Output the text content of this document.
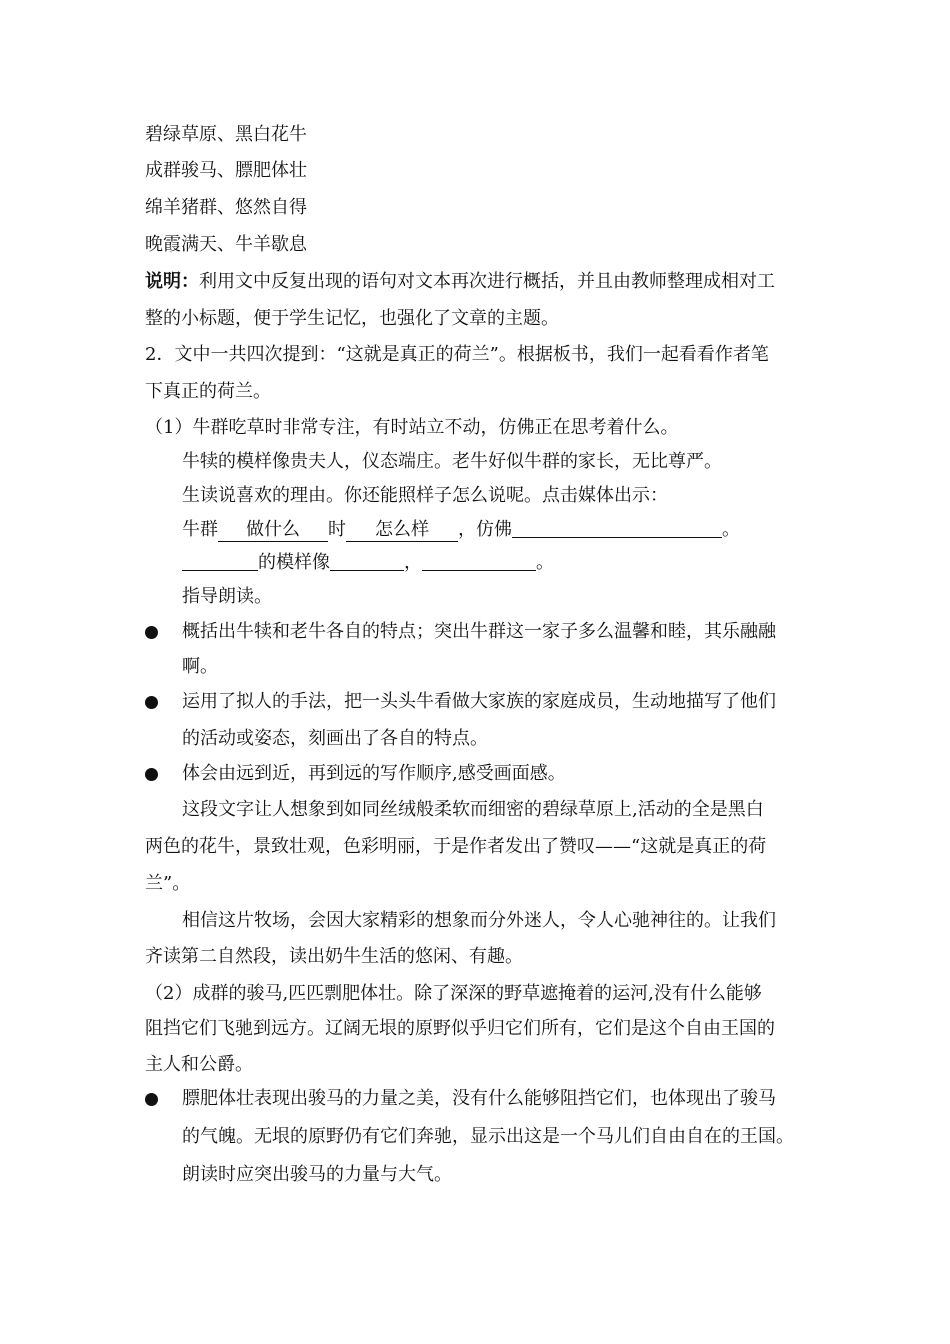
碧绿草原、黑白花牛
成群骏马、膘肥体壮
绵羊猪群、悠然自得
晚霞满天、牛羊歇息
说明：利用文中反复出现的语句对文本再次进行概括，并且由教师整理成相对工
整的小标题，便于学生记忆，也强化了文章的主题。
2．文中一共四次提到：“这就是真正的荷兰”。根据板书，我们一起看看作者笔
下真正的荷兰。
（1）牛群吃草时非常专注，有时站立不动，仿佛正在思考着什么。
牛犊的模样像贵夫人，仪态端庄。老牛好似牛群的家长，无比尊严。
生读说喜欢的理由。你还能照样子怎么说呢。点击媒体出示：
牛群 做什么 时 怎么样 ，仿佛	。
的模样像	，	。
指导朗读。
概括出牛犊和老牛各自的特点；突出牛群这一家子多么温馨和睦，其乐融融
啊。
运用了拟人的手法，把一头头牛看做大家族的家庭成员，生动地描写了他们
的活动或姿态，刻画出了各自的特点。
体会由远到近，再到远的写作顺序,感受画面感。
这段文字让人想象到如同丝绒般柔软而细密的碧绿草原上,活动的全是黑白
两色的花牛，景致壮观，色彩明丽，于是作者发出了赞叹——“这就是真正的荷
兰”。
相信这片牧场，会因大家精彩的想象而分外迷人，令人心驰神往的。让我们
齐读第二自然段，读出奶牛生活的悠闲、有趣。
（2）成群的骏马,匹匹剽肥体壮。除了深深的野草遮掩着的运河,没有什么能够
阻挡它们飞驰到远方。辽阔无垠的原野似乎归它们所有，它们是这个自由王国的
主人和公爵。
膘肥体壮表现出骏马的力量之美，没有什么能够阻挡它们，也体现出了骏马
的气魄。无垠的原野仍有它们奔驰，显示出这是一个马儿们自由自在的王国。
朗读时应突出骏马的力量与大气。
